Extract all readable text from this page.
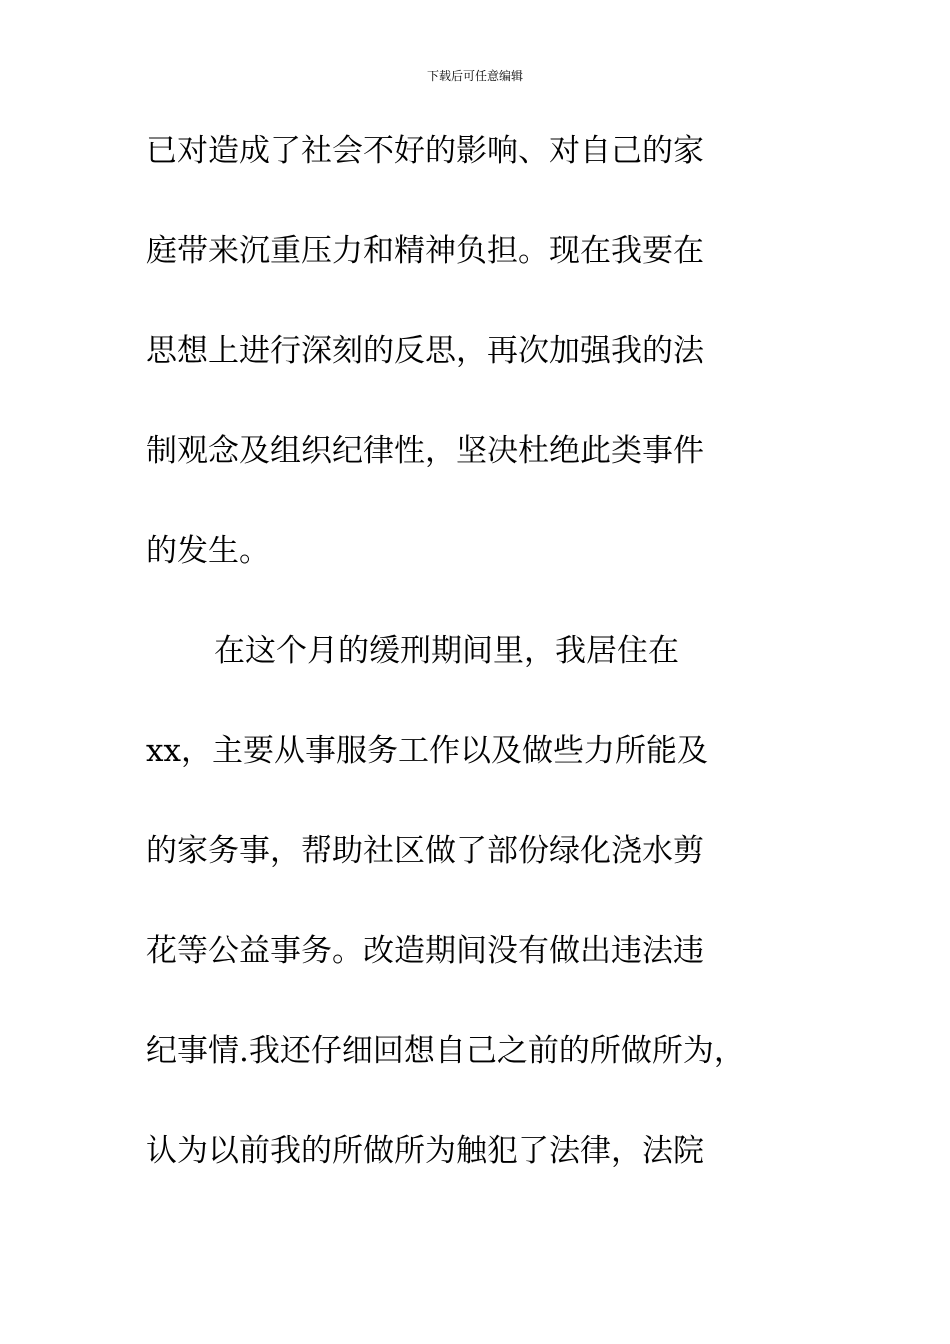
下载后可任意编辑
已对造成了社会不好的影响、对自己的家
庭带来沉重压力和精神负担。现在我要在
思想上进行深刻的反思，再次加强我的法
制观念及组织纪律性，坚决杜绝此类事件
的发生。
在这个月的缓刑期间里，我居住在
xx，主要从事服务工作以及做些力所能及
的家务事，帮助社区做了部份绿化浇水剪
花等公益事务。改造期间没有做出违法违
纪事情.我还仔细回想自己之前的所做所为，
认为以前我的所做所为触犯了法律，法院
